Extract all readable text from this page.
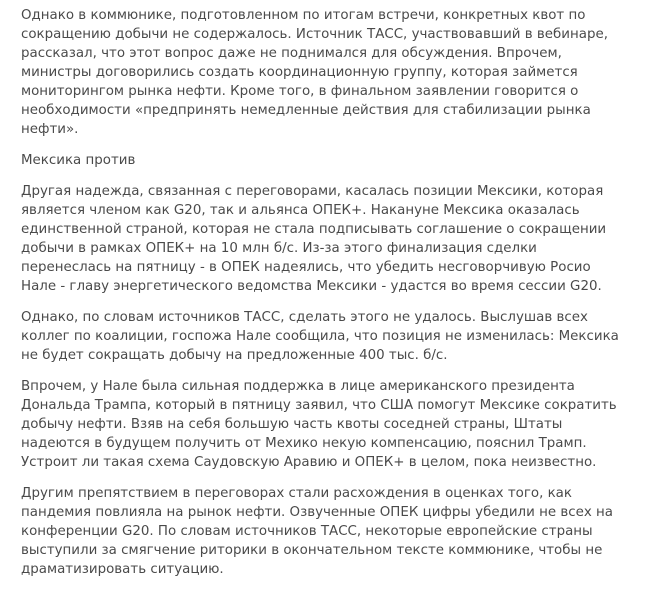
Однако в коммюнике, подготовленном по итогам встречи, конкретных квот по
сокращению добычи не содержалось. Источник ТАСС, участвовавший в вебинаре,
рассказал, что этот вопрос даже не поднимался для обсуждения. Впрочем,
министры договорились создать координационную группу, которая займется
мониторингом рынка нефти. Кроме того, в финальном заявлении говорится о
необходимости «предпринять немедленные действия для стабилизации рынка
нефти».

Мексика против

Другая надежда, связанная с переговорами, касалась позиции Мексики, которая
является членом как G20, так и альянса ОПЕК+. Накануне Мексика оказалась
единственной страной, которая не стала подписывать соглашение о сокращении
добычи в рамках ОПЕК+ на 10 млн б/с. Из-за этого финализация сделки
перенеслась на пятницу - в ОПЕК надеялись, что убедить несговорчивую Росио
Нале - главу энергетического ведомства Мексики - удастся во время сессии G20.

Однако, по словам источников ТАСС, сделать этого не удалось. Выслушав всех
коллег по коалиции, госпожа Нале сообщила, что позиция не изменилась: Мексика
не будет сокращать добычу на предложенные 400 тыс. б/с.

Впрочем, у Нале была сильная поддержка в лице американского президента
Дональда Трампа, который в пятницу заявил, что США помогут Мексике сократить
добычу нефти. Взяв на себя большую часть квоты соседней страны, Штаты
надеются в будущем получить от Мехико некую компенсацию, пояснил Трамп.
Устроит ли такая схема Саудовскую Аравию и ОПЕК+ в целом, пока неизвестно.

Другим препятствием в переговорах стали расхождения в оценках того, как
пандемия повлияла на рынок нефти. Озвученные ОПЕК цифры убедили не всех на
конференции G20. По словам источников ТАСС, некоторые европейские страны
выступили за смягчение риторики в окончательном тексте коммюнике, чтобы не
драматизировать ситуацию.
